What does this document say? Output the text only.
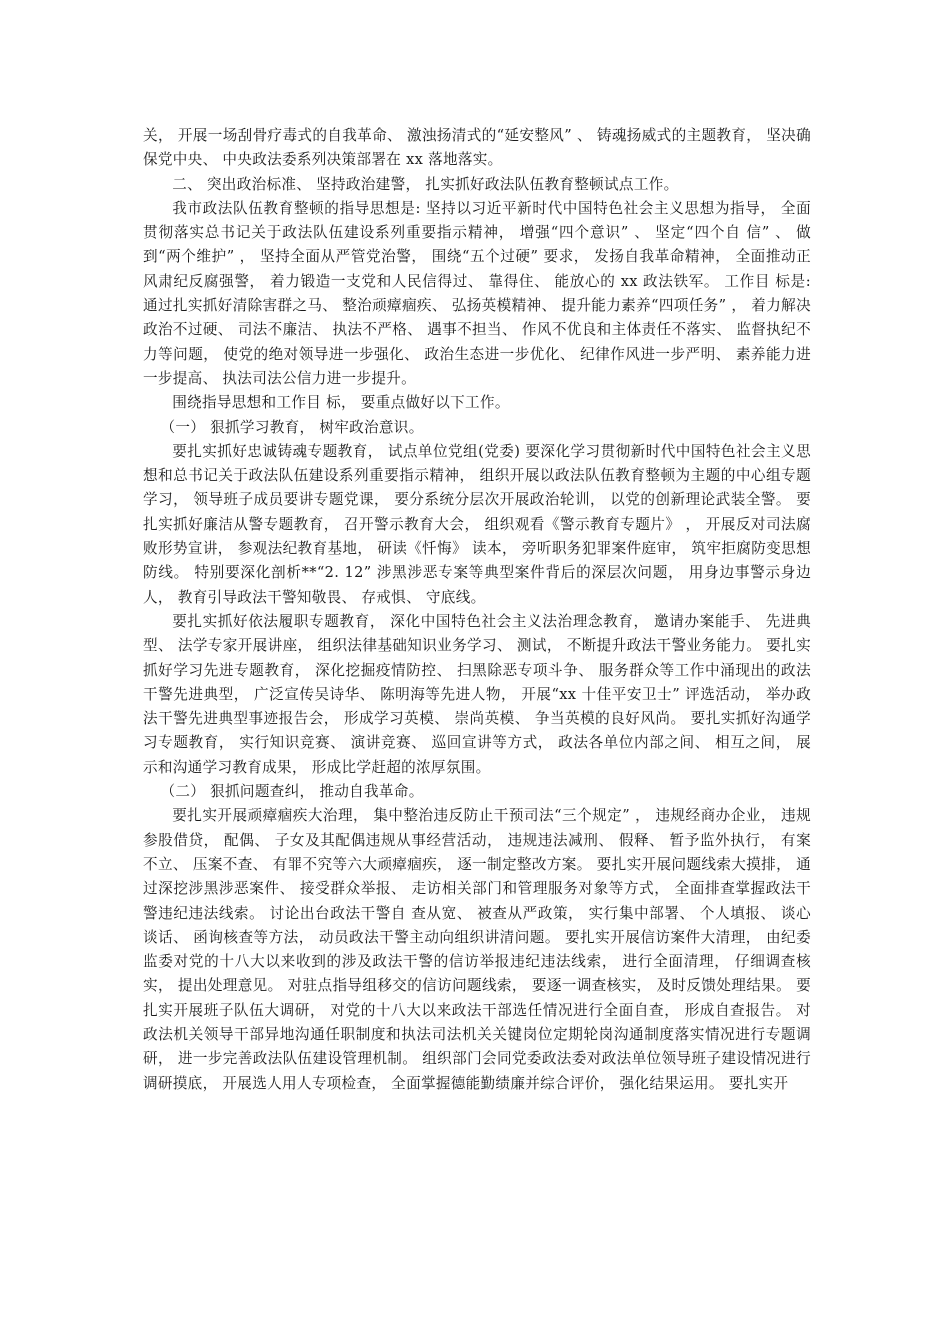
关， 开展一场刮骨疗毒式的自我革命、 激浊扬清式的“延安整风” 、 铸魂扬威式的主题教育， 坚决确保党中央、 中央政法委系列决策部署在 xx 落地落实。

二、 突出政治标准、 坚持政治建警， 扎实抓好政法队伍教育整顿试点工作。

我市政法队伍教育整顿的指导思想是: 坚持以习近平新时代中国特色社会主义思想为指导， 全面贯彻落实总书记关于政法队伍建设系列重要指示精神， 增强“四个意识” 、 坚定“四个自 信” 、 做到“两个维护” ， 坚持全面从严管党治警， 围绕“五个过硬” 要求， 发扬自我革命精神， 全面推动正风肃纪反腐强警， 着力锻造一支党和人民信得过、 靠得住、 能放心的 xx 政法铁军。 工作目 标是: 通过扎实抓好清除害群之马、 整治顽瘴痼疾、 弘扬英模精神、 提升能力素养“四项任务” ， 着力解决政治不过硬、 司法不廉洁、 执法不严格、 遇事不担当、 作风不优良和主体责任不落实、 监督执纪不力等问题， 使党的绝对领导进一步强化、 政治生态进一步优化、 纪律作风进一步严明、 素养能力进一步提高、 执法司法公信力进一步提升。

围绕指导思想和工作目 标， 要重点做好以下工作。

（一） 狠抓学习教育， 树牢政治意识。

要扎实抓好忠诚铸魂专题教育， 试点单位党组(党委) 要深化学习贯彻新时代中国特色社会主义思想和总书记关于政法队伍建设系列重要指示精神， 组织开展以政法队伍教育整顿为主题的中心组专题学习， 领导班子成员要讲专题党课， 要分系统分层次开展政治轮训， 以党的创新理论武装全警。 要扎实抓好廉洁从警专题教育， 召开警示教育大会， 组织观看《警示教育专题片》 ， 开展反对司法腐败形势宣讲， 参观法纪教育基地， 研读《忏悔》 读本， 旁听职务犯罪案件庭审， 筑牢拒腐防变思想防线。 特别要深化剖析**“2. 12” 涉黑涉恶专案等典型案件背后的深层次问题， 用身边事警示身边人， 教育引导政法干警知敬畏、 存戒惧、 守底线。

要扎实抓好依法履职专题教育， 深化中国特色社会主义法治理念教育， 邀请办案能手、 先进典型、 法学专家开展讲座， 组织法律基础知识业务学习、 测试， 不断提升政法干警业务能力。 要扎实抓好学习先进专题教育， 深化挖掘疫情防控、 扫黑除恶专项斗争、 服务群众等工作中涌现出的政法干警先进典型， 广泛宣传吴诗华、 陈明海等先进人物， 开展“xx 十佳平安卫士” 评选活动， 举办政法干警先进典型事迹报告会， 形成学习英模、 崇尚英模、 争当英模的良好风尚。 要扎实抓好沟通学习专题教育， 实行知识竞赛、 演讲竞赛、 巡回宣讲等方式， 政法各单位内部之间、 相互之间， 展示和沟通学习教育成果， 形成比学赶超的浓厚氛围。

（二） 狠抓问题查纠， 推动自我革命。

要扎实开展顽瘴痼疾大治理， 集中整治违反防止干预司法“三个规定” ， 违规经商办企业， 违规参股借贷， 配偶、 子女及其配偶违规从事经营活动， 违规违法减刑、 假释、 暂予监外执行， 有案不立、 压案不查、 有罪不究等六大顽瘴痼疾， 逐一制定整改方案。 要扎实开展问题线索大摸排， 通过深挖涉黑涉恶案件、 接受群众举报、 走访相关部门和管理服务对象等方式， 全面排查掌握政法干警违纪违法线索。 讨论出台政法干警自 查从宽、 被查从严政策， 实行集中部署、 个人填报、 谈心谈话、 函询核查等方法， 动员政法干警主动向组织讲清问题。 要扎实开展信访案件大清理， 由纪委监委对党的十八大以来收到的涉及政法干警的信访举报违纪违法线索， 进行全面清理， 仔细调查核实， 提出处理意见。 对驻点指导组移交的信访问题线索， 要逐一调查核实， 及时反馈处理结果。 要扎实开展班子队伍大调研， 对党的十八大以来政法干部选任情况进行全面自查， 形成自查报告。 对政法机关领导干部异地沟通任职制度和执法司法机关关键岗位定期轮岗沟通制度落实情况进行专题调研， 进一步完善政法队伍建设管理机制。 组织部门会同党委政法委对政法单位领导班子建设情况进行调研摸底， 开展选人用人专项检查， 全面掌握德能勤绩廉并综合评价， 强化结果运用。 要扎实开
